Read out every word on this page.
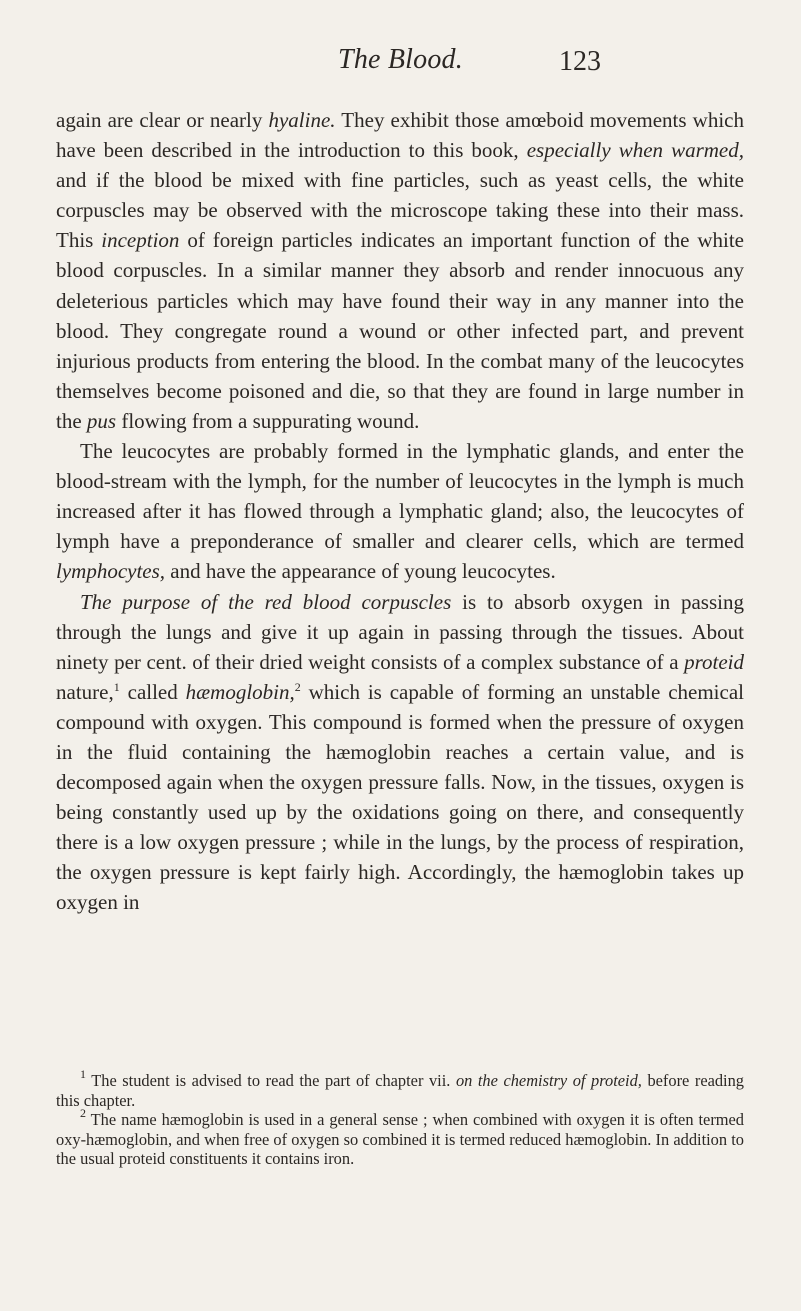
The Blood.	123

again are clear or nearly hyaline. They exhibit those amœboid movements which have been described in the introduction to this book, especially when warmed, and if the blood be mixed with fine particles, such as yeast cells, the white corpuscles may be observed with the microscope taking these into their mass. This inception of foreign particles indicates an important function of the white blood corpuscles. In a similar manner they absorb and render innocuous any deleterious particles which may have found their way in any manner into the blood. They congregate round a wound or other infected part, and prevent injurious products from entering the blood. In the combat many of the leucocytes themselves become poisoned and die, so that they are found in large number in the pus flowing from a suppurating wound.

The leucocytes are probably formed in the lymphatic glands, and enter the blood-stream with the lymph, for the number of leucocytes in the lymph is much increased after it has flowed through a lymphatic gland; also, the leucocytes of lymph have a preponderance of smaller and clearer cells, which are termed lymphocytes, and have the appearance of young leucocytes.

The purpose of the red blood corpuscles is to absorb oxygen in passing through the lungs and give it up again in passing through the tissues. About ninety per cent. of their dried weight consists of a complex substance of a proteid nature,$^1$ called hæmoglobin,$^2$ which is capable of forming an unstable chemical compound with oxygen. This compound is formed when the pressure of oxygen in the fluid containing the hæmoglobin reaches a certain value, and is decomposed again when the oxygen pressure falls. Now, in the tissues, oxygen is being constantly used up by the oxidations going on there, and consequently there is a low oxygen pressure ; while in the lungs, by the process of respiration, the oxygen pressure is kept fairly high. Accordingly, the hæmoglobin takes up oxygen in

$^1$ The student is advised to read the part of chapter vii. on the chemistry of proteid, before reading this chapter.

$^2$ The name hæmoglobin is used in a general sense ; when combined with oxygen it is often termed oxy-hæmoglobin, and when free of oxygen so combined it is termed reduced hæmoglobin. In addition to the usual proteid constituents it contains iron.
